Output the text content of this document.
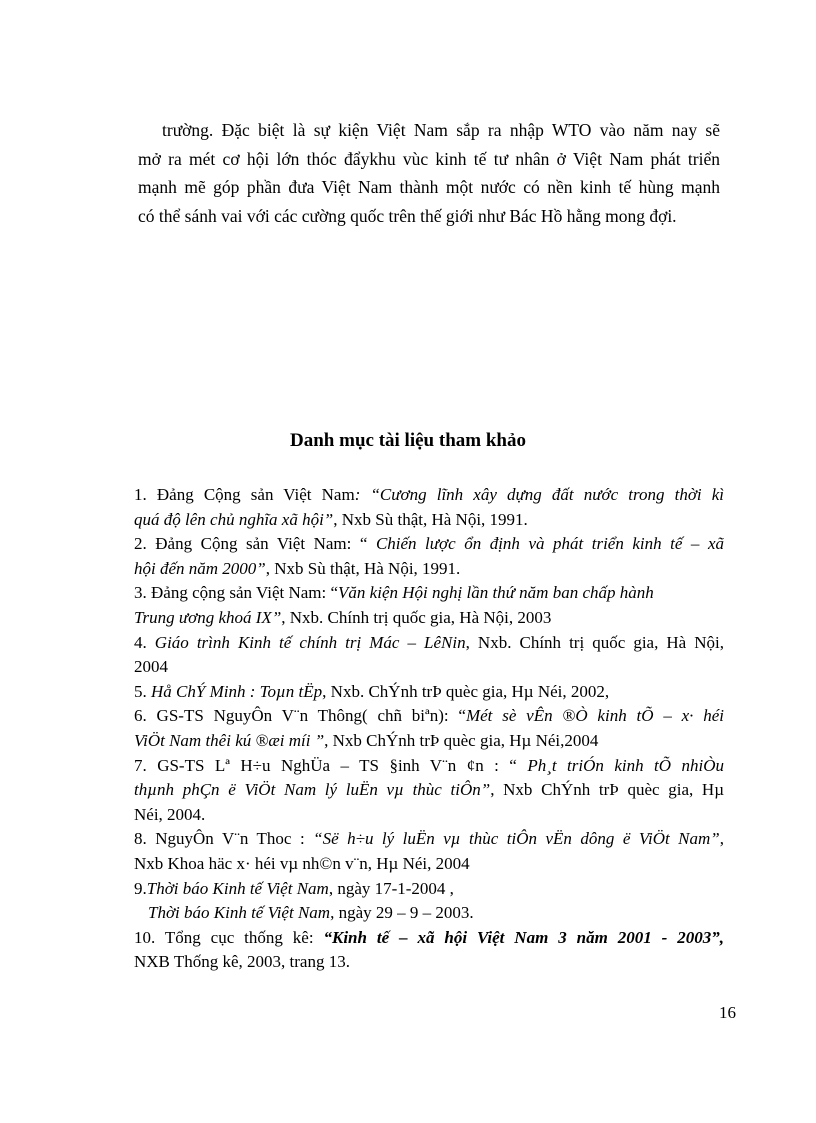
trường. Đặc biệt là sự kiện Việt Nam sắp ra nhập WTO vào năm nay sẽ
mở ra mét cơ hội lớn thóc đẩykhu vùc kinh tế tư nhân ở Việt Nam phát triển
mạnh mẽ góp phần đưa Việt Nam thành một nước có nền kinh tế hùng mạnh
có thể sánh vai với các cường quốc trên thế giới như Bác Hồ hằng mong đợi.
Danh mục tài liệu tham khảo
1. Đảng Cộng sản Việt Nam: “Cương lĩnh xây dựng đất nước trong thời kì
quá độ lên chủ nghĩa xã hội”, Nxb Sù thật, Hà Nội, 1991.
2. Đảng Cộng sản Việt Nam: “ Chiến lược ổn định và phát triển kinh tế – xã
hội đến năm 2000”, Nxb Sù thật, Hà Nội, 1991.
3. Đảng cộng sản Việt Nam: “Văn kiện Hội nghị lần thứ năm ban chấp hành
Trung ương khoá IX”, Nxb. Chính trị quốc gia, Hà Nội, 2003
4. Giáo trình Kinh tế chính trị Mác – LêNin, Nxb. Chính trị quốc gia, Hà Nội,
2004
5. Hå ChÝ Minh : Toµn tËp, Nxb. ChÝnh trÞ quèc gia, Hµ Néi, 2002,
6. GS-TS NguyÔn V¨n Thông( chñ biªn): “Mét sè vÊn ®Ò kinh tÕ – x· héi
ViÖt Nam thêi kú ®æi míi ”, Nxb ChÝnh trÞ quèc gia, Hµ Néi,2004
7. GS-TS Lª H÷u NghÜa – TS §inh V¨n ¢n : “ Ph¸t triÓn kinh tÕ nhiÒu
thµnh phÇn ë ViÖt Nam lý luËn vµ thùc tiÔn”, Nxb ChÝnh trÞ quèc gia, Hµ
Néi, 2004.
8. NguyÔn V¨n Thoc : “Së h÷u lý luËn vµ thùc tiÔn vËn dông ë ViÖt Nam”,
Nxb Khoa häc x· héi vµ nh©n v¨n, Hµ Néi, 2004
9.Thời báo Kinh tế Việt Nam, ngày 17-1-2004 ,
Thời báo Kinh tế Việt Nam, ngày 29 – 9 – 2003.
10. Tổng cục thống kê: “Kinh tế – xã hội Việt Nam 3 năm 2001 - 2003”,
NXB Thống kê, 2003, trang 13.
16
